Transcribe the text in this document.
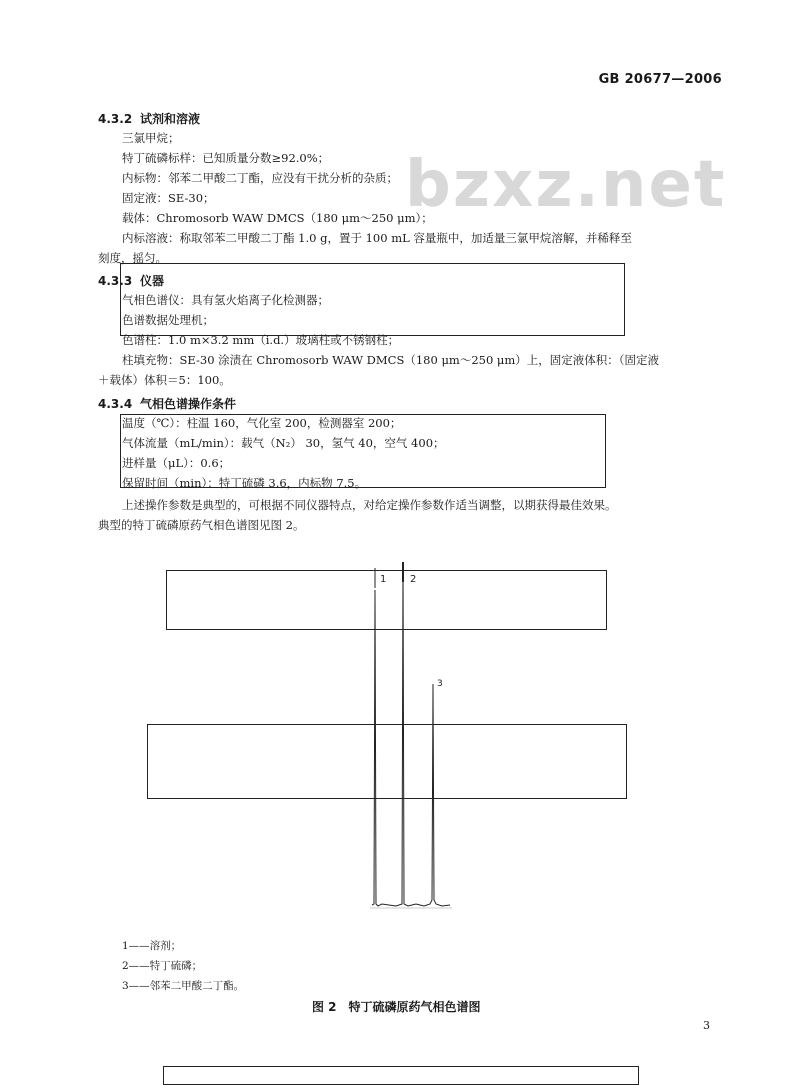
GB 20677—2006
bzxz.net
4.3.2 试剂和溶液
三氯甲烷；
特丁硫磷标样：已知质量分数≥92.0%；
内标物：邻苯二甲酸二丁酯，应没有干扰分析的杂质；
固定液：SE-30；
载体：Chromosorb WAW DMCS（180 μm～250 μm）；
内标溶液：称取邻苯二甲酸二丁酯 1.0 g，置于 100 mL 容量瓶中，加适量三氯甲烷溶解，并稀释至
刻度，摇匀。
4.3.3 仪器
气相色谱仪：具有氢火焰离子化检测器；
色谱数据处理机；
色谱柱：1.0 m×3.2 mm（i.d.）玻璃柱或不锈钢柱；
柱填充物：SE-30 涂渍在 Chromosorb WAW DMCS（180 μm～250 μm）上，固定液体积：（固定液
＋载体）体积＝5：100。
4.3.4 气相色谱操作条件
温度（℃）：柱温 160，气化室 200，检测器室 200；
气体流量（mL/min）：载气（N₂） 30，氢气 40，空气 400；
进样量（μL）：0.6；
保留时间（min）：特丁硫磷 3.6，内标物 7.5。
上述操作参数是典型的，可根据不同仪器特点，对给定操作参数作适当调整，以期获得最佳效果。
典型的特丁硫磷原药气相色谱图见图 2。
1 2
3
1——溶剂；
2——特丁硫磷；
3——邻苯二甲酸二丁酯。
图 2　特丁硫磷原药气相色谱图
3
